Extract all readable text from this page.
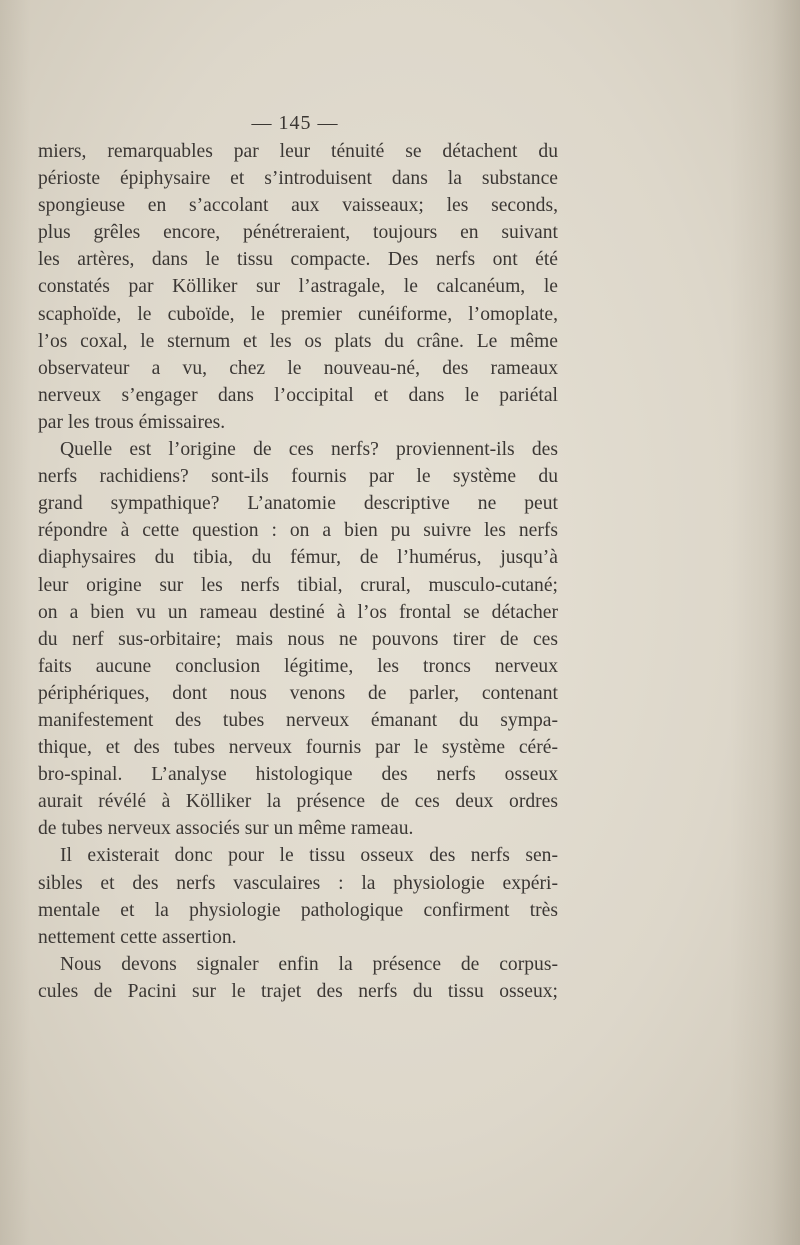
— 145 —
miers, remarquables par leur ténuité se détachent du
périoste épiphysaire et s’introduisent dans la substance
spongieuse en s’accolant aux vaisseaux; les seconds,
plus grêles encore, pénétreraient, toujours en suivant
les artères, dans le tissu compacte. Des nerfs ont été
constatés par Kölliker sur l’astragale, le calcanéum, le
scaphoïde, le cuboïde, le premier cunéiforme, l’omoplate,
l’os coxal, le sternum et les os plats du crâne. Le même
observateur a vu, chez le nouveau-né, des rameaux
nerveux s’engager dans l’occipital et dans le pariétal
par les trous émissaires.
Quelle est l’origine de ces nerfs? proviennent-ils des
nerfs rachidiens? sont-ils fournis par le système du
grand sympathique? L’anatomie descriptive ne peut
répondre à cette question : on a bien pu suivre les nerfs
diaphysaires du tibia, du fémur, de l’humérus, jusqu’à
leur origine sur les nerfs tibial, crural, musculo-cutané;
on a bien vu un rameau destiné à l’os frontal se détacher
du nerf sus-orbitaire; mais nous ne pouvons tirer de ces
faits aucune conclusion légitime, les troncs nerveux
périphériques, dont nous venons de parler, contenant
manifestement des tubes nerveux émanant du sympa-
thique, et des tubes nerveux fournis par le système céré-
bro-spinal. L’analyse histologique des nerfs osseux
aurait révélé à Kölliker la présence de ces deux ordres
de tubes nerveux associés sur un même rameau.
Il existerait donc pour le tissu osseux des nerfs sen-
sibles et des nerfs vasculaires : la physiologie expéri-
mentale et la physiologie pathologique confirment très
nettement cette assertion.
Nous devons signaler enfin la présence de corpus-
cules de Pacini sur le trajet des nerfs du tissu osseux;
